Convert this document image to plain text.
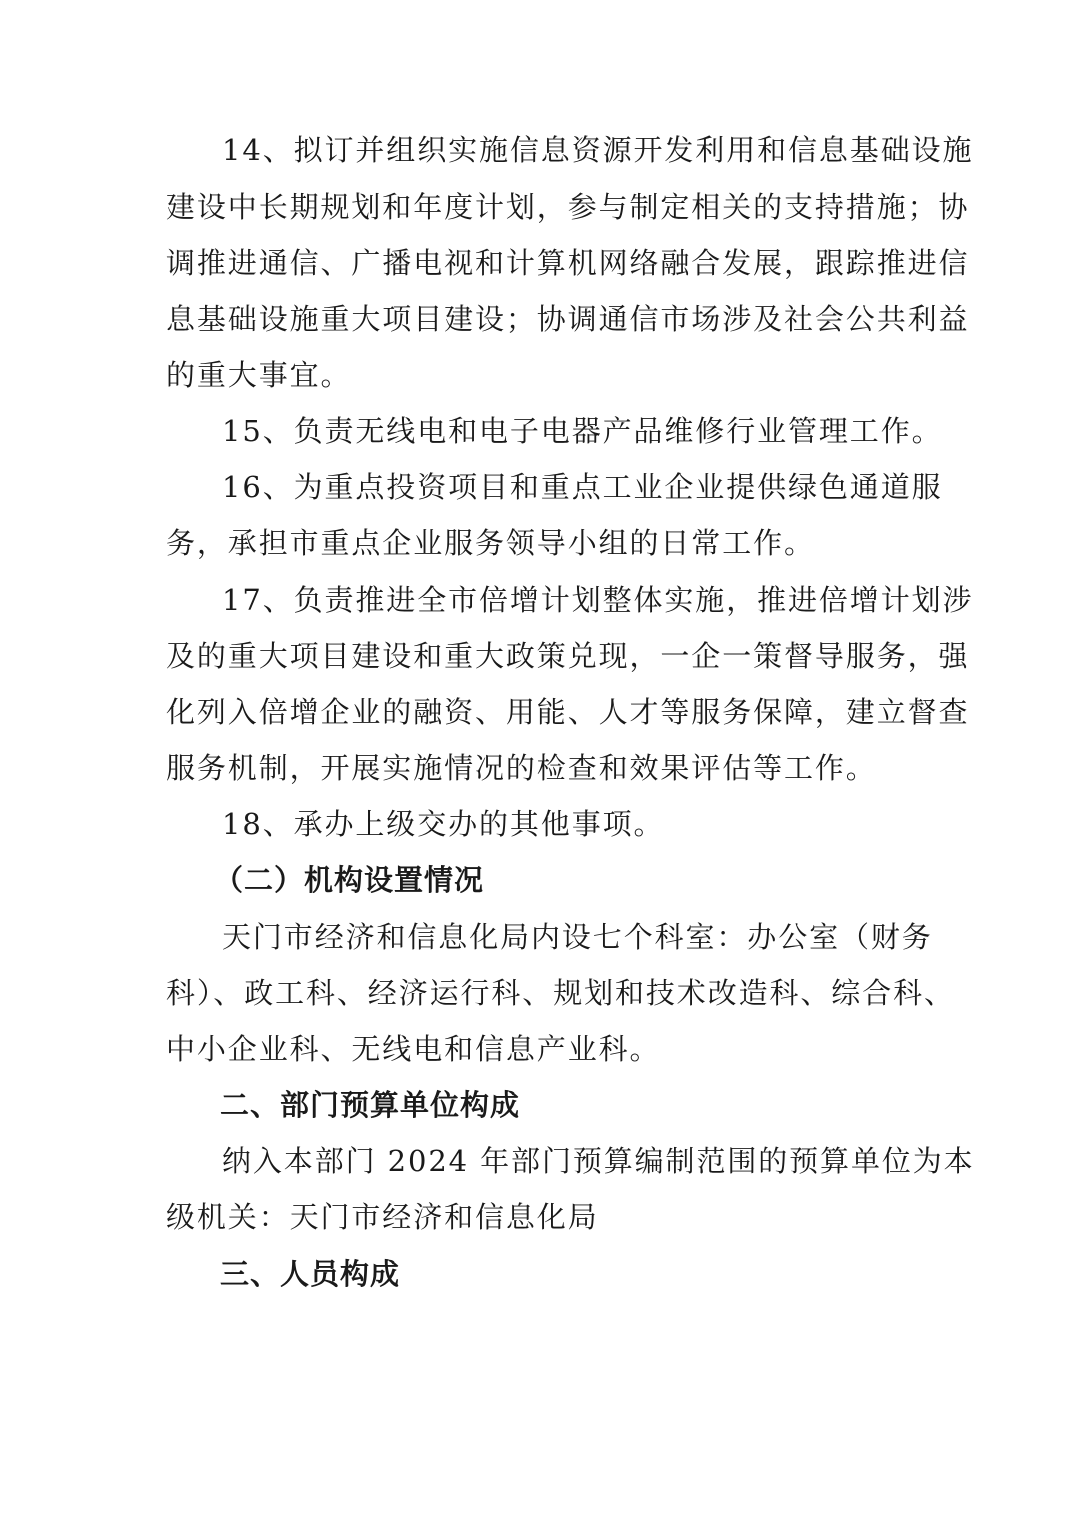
14、拟订并组织实施信息资源开发利用和信息基础设施
建设中长期规划和年度计划，参与制定相关的支持措施；协
调推进通信、广播电视和计算机网络融合发展，跟踪推进信
息基础设施重大项目建设；协调通信市场涉及社会公共利益
的重大事宜。
15、负责无线电和电子电器产品维修行业管理工作。
16、为重点投资项目和重点工业企业提供绿色通道服
务，承担市重点企业服务领导小组的日常工作。
17、负责推进全市倍增计划整体实施，推进倍增计划涉
及的重大项目建设和重大政策兑现，一企一策督导服务，强
化列入倍增企业的融资、用能、人才等服务保障，建立督查
服务机制，开展实施情况的检查和效果评估等工作。
18、承办上级交办的其他事项。
（二）机构设置情况
天门市经济和信息化局内设七个科室：办公室（财务
科）、政工科、经济运行科、规划和技术改造科、综合科、
中小企业科、无线电和信息产业科。
二、部门预算单位构成
纳入本部门 2024 年部门预算编制范围的预算单位为本
级机关：天门市经济和信息化局
三、人员构成
